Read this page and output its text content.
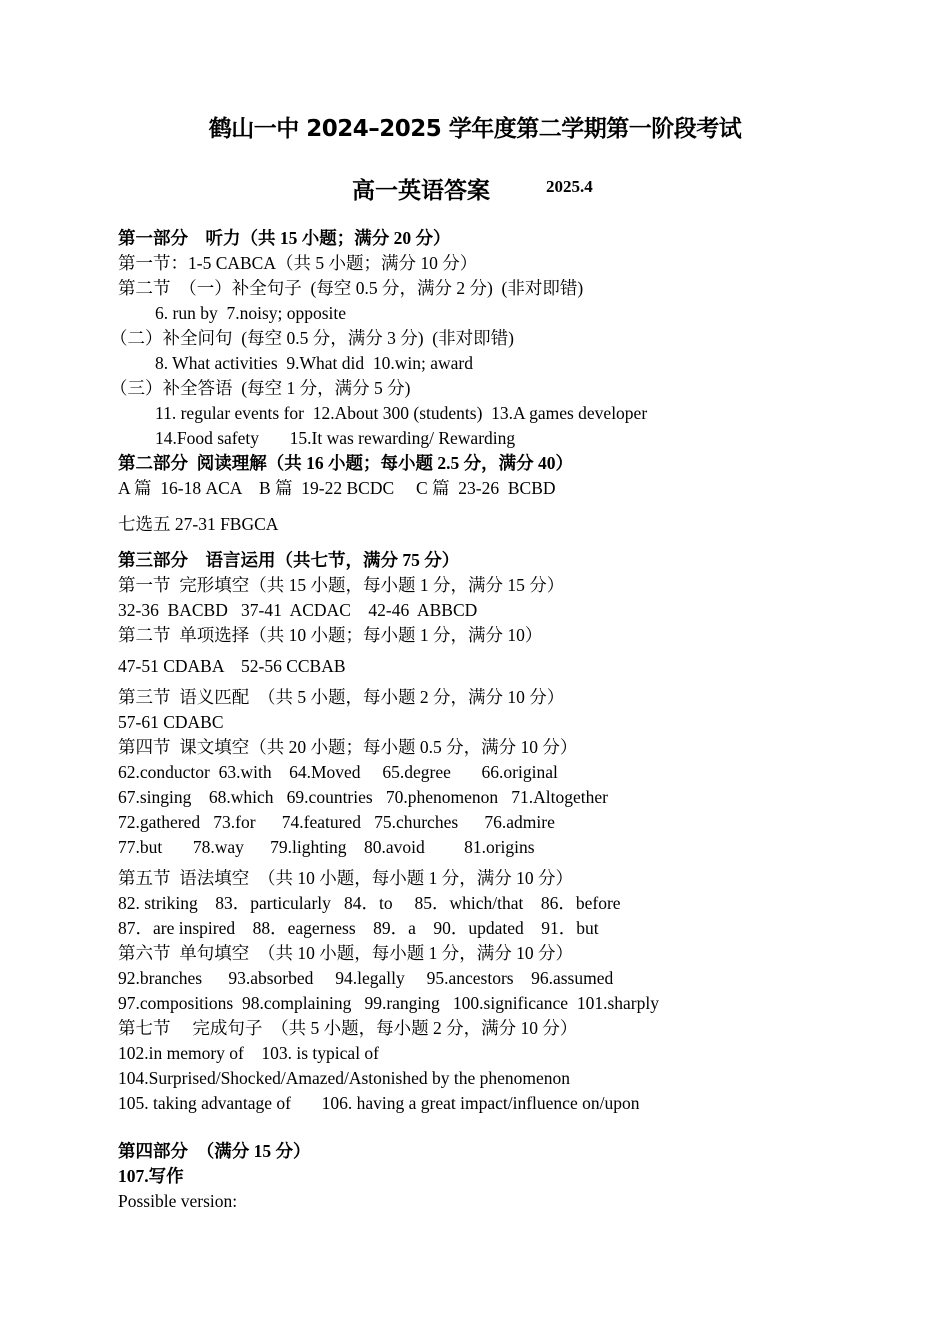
鹤山一中 2024–2025 学年度第二学期第一阶段考试
高一英语答案	2025.4
第一部分　听力（共 15 小题；满分 20 分）
第一节：1-5 CABCA（共 5 小题；满分 10 分）
第二节　（一）补全句子  (每空 0.5 分，满分 2 分)  (非对即错)
6. run by  7.noisy; opposite
（二）补全问句  (每空 0.5 分，满分 3 分)  (非对即错)
8. What activities  9.What did  10.win; award
（三）补全答语  (每空 1 分，满分 5 分)
11. regular events for  12.About 300 (students)  13.A games developer
14.Food safety       15.It was rewarding/ Rewarding
第二部分  阅读理解（共 16 小题；每小题 2.5 分，满分 40）
A 篇  16-18 ACA    B 篇  19-22 BCDC     C 篇  23-26  BCBD
七选五 27-31 FBGCA
第三部分　语言运用（共七节，满分 75 分）
第一节  完形填空（共 15 小题，每小题 1 分，满分 15 分）
32-36  BACBD   37-41  ACDAC    42-46  ABBCD
第二节  单项选择（共 10 小题；每小题 1 分，满分 10）
47-51 CDABA    52-56 CCBAB
第三节  语义匹配  （共 5 小题，每小题 2 分，满分 10 分）
57-61 CDABC
第四节  课文填空（共 20 小题；每小题 0.5 分，满分 10 分）
62.conductor  63.with    64.Moved     65.degree       66.original
67.singing    68.which   69.countries   70.phenomenon   71.Altogether
72.gathered   73.for      74.featured   75.churches      76.admire
77.but       78.way      79.lighting    80.avoid         81.origins
第五节  语法填空  （共 10 小题，每小题 1 分，满分 10 分）
82. striking    83．particularly   84．to     85．which/that    86．before
87．are inspired    88．eagerness    89．a    90．updated    91．but
第六节  单句填空  （共 10 小题，每小题 1 分，满分 10 分）
92.branches      93.absorbed     94.legally     95.ancestors    96.assumed
97.compositions  98.complaining   99.ranging   100.significance  101.sharply
第七节     完成句子  （共 5 小题，每小题 2 分，满分 10 分）
102.in memory of    103. is typical of
104.Surprised/Shocked/Amazed/Astonished by the phenomenon
105. taking advantage of       106. having a great impact/influence on/upon
第四部分  （满分 15 分）
107.写作
Possible version:
